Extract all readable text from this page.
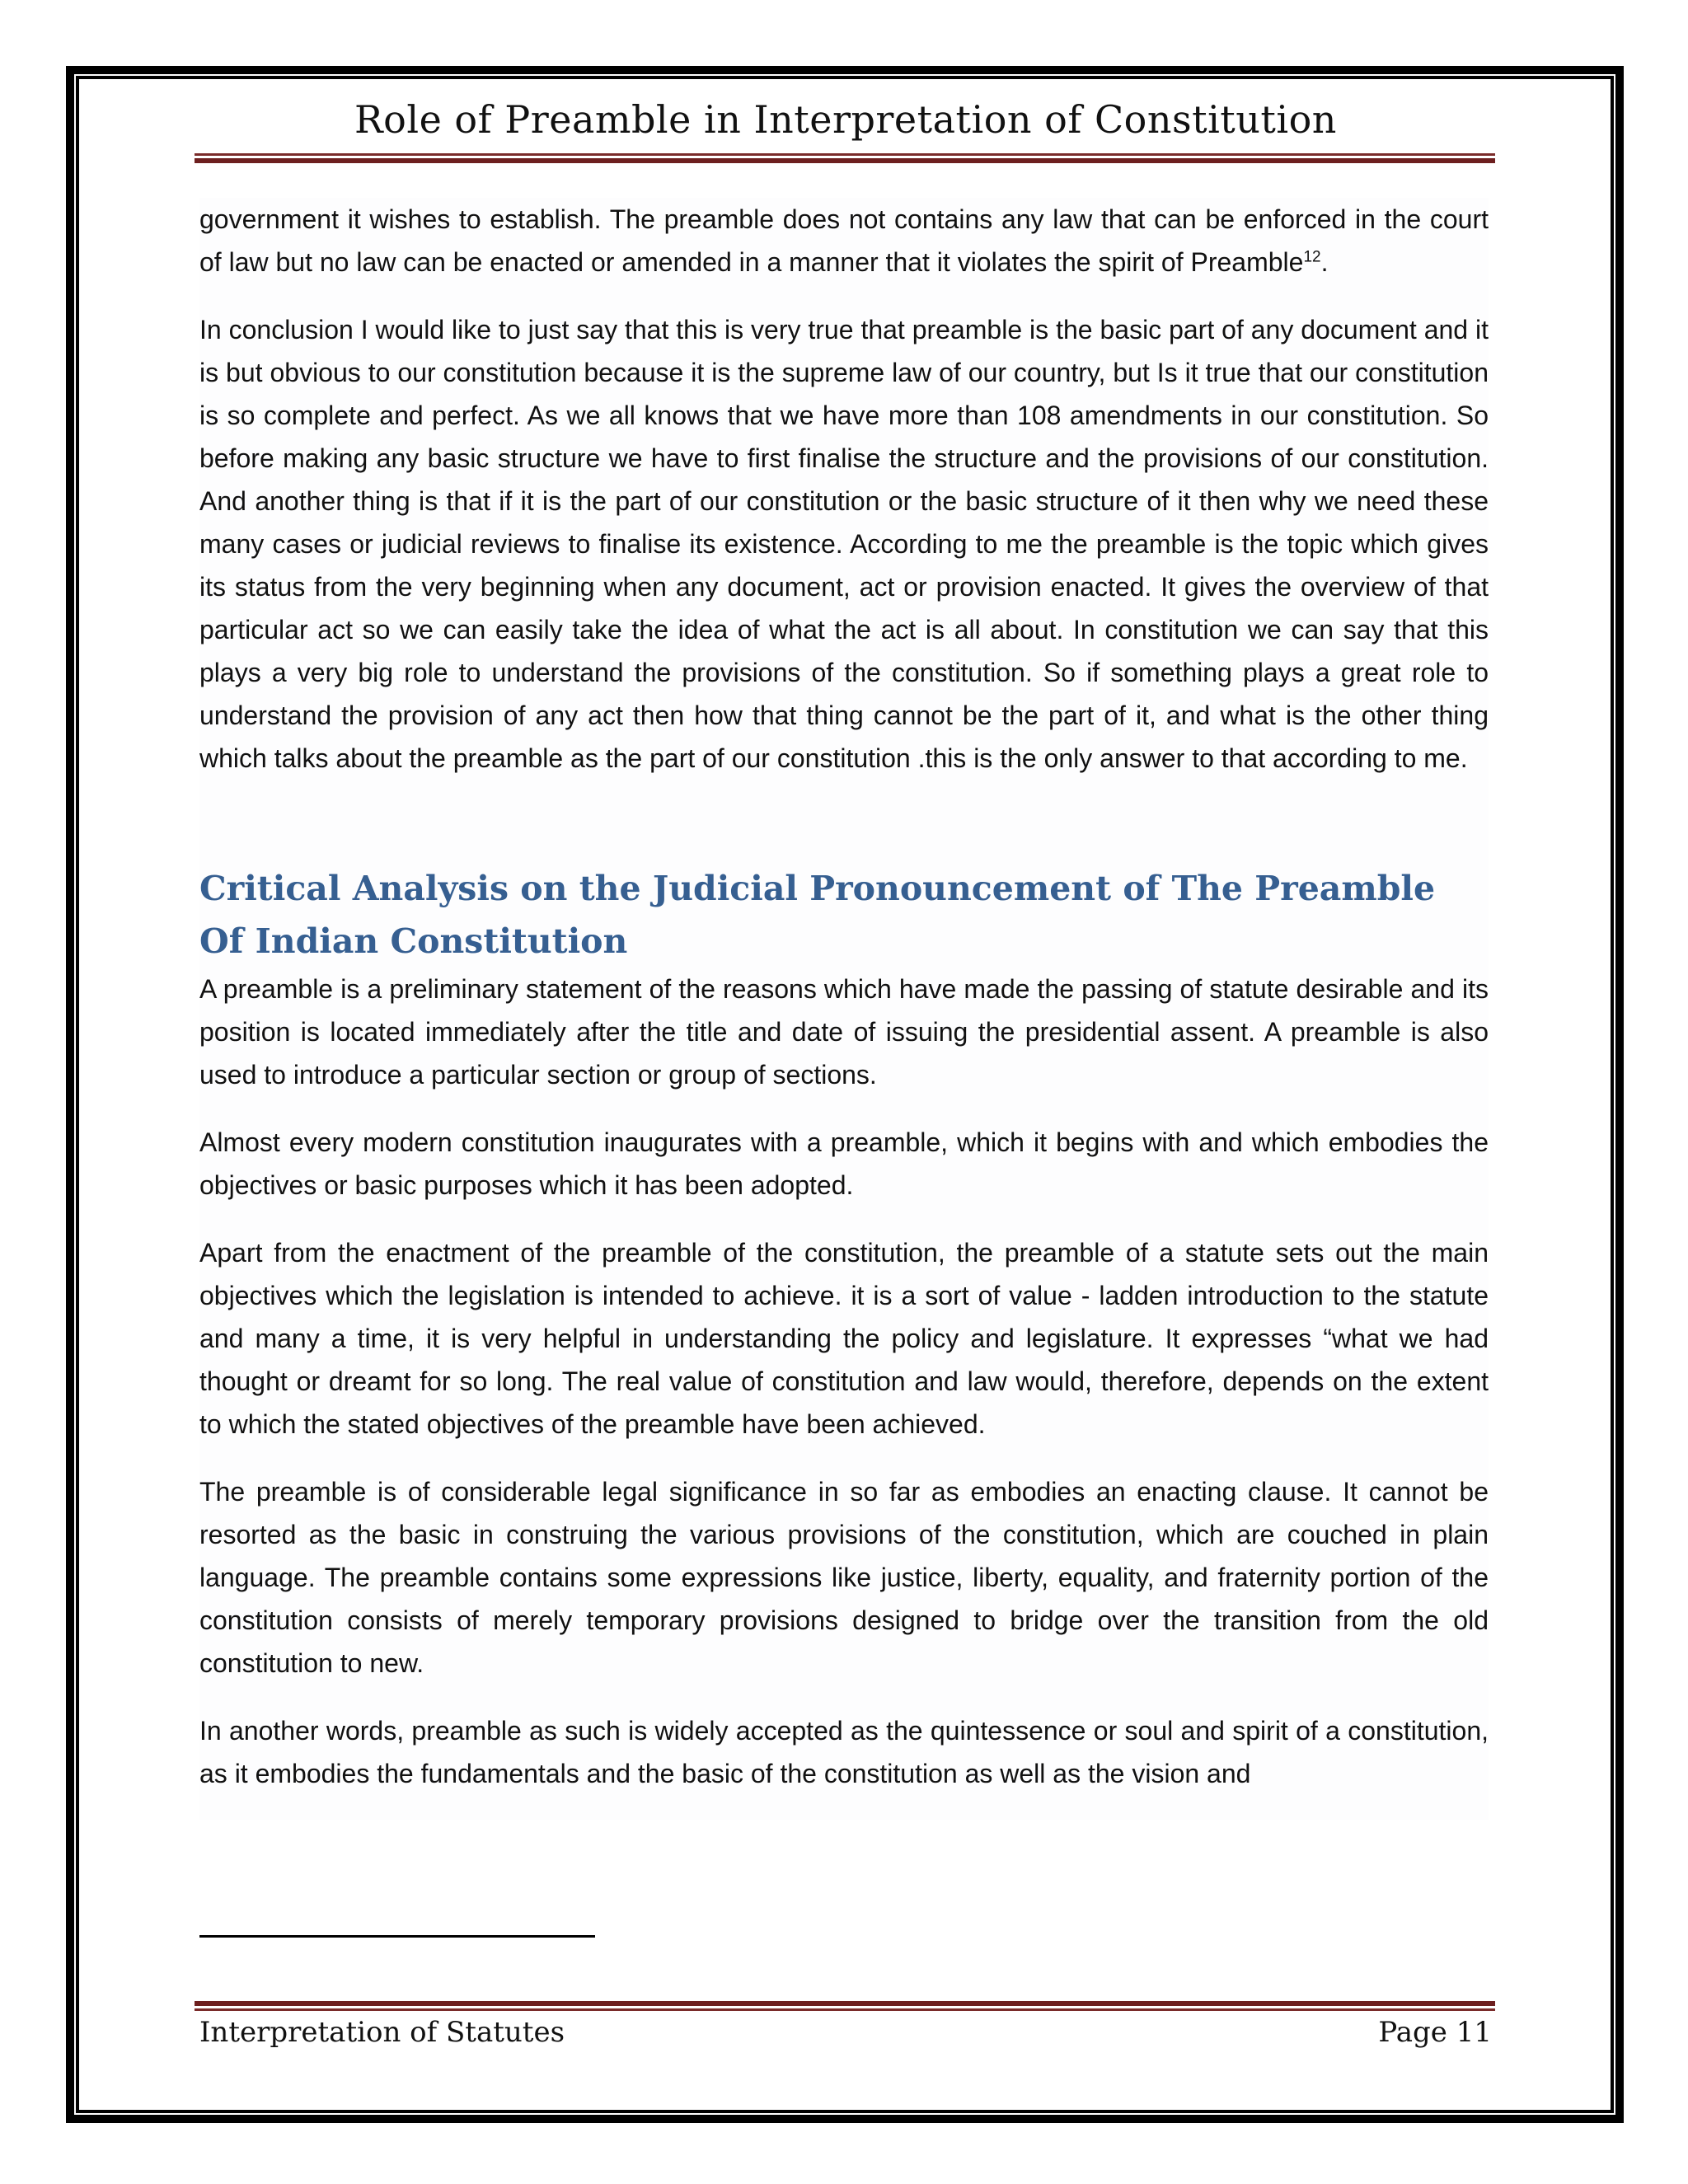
Role of Preamble in Interpretation of Constitution

government it wishes to establish. The preamble does not contains any law that can be enforced in the court of law but no law can be enacted or amended in a manner that it violates the spirit of Preamble$^{12}$.

In conclusion I would like to just say that this is very true that preamble is the basic part of any document and it is but obvious to our constitution because it is the supreme law of our country, but Is it true that our constitution is so complete and perfect. As we all knows that we have more than 108 amendments in our constitution. So before making any basic structure we have to first finalise the structure and the provisions of our constitution. And another thing is that if it is the part of our constitution or the basic structure of it then why we need these many cases or judicial reviews to finalise its existence. According to me the preamble is the topic which gives its status from the very beginning when any document, act or provision enacted. It gives the overview of that particular act so we can easily take the idea of what the act is all about. In constitution we can say that this plays a very big role to understand the provisions of the constitution. So if something plays a great role to understand the provision of any act then how that thing cannot be the part of it, and what is the other thing which talks about the preamble as the part of our constitution .this is the only answer to that according to me.

Critical Analysis on the Judicial Pronouncement of The Preamble Of Indian Constitution

A preamble is a preliminary statement of the reasons which have made the passing of statute desirable and its position is located immediately after the title and date of issuing the presidential assent. A preamble is also used to introduce a particular section or group of sections.

Almost every modern constitution inaugurates with a preamble, which it begins with and which embodies the objectives or basic purposes which it has been adopted.

Apart from the enactment of the preamble of the constitution, the preamble of a statute sets out the main objectives which the legislation is intended to achieve. it is a sort of value - ladden introduction to the statute and many a time, it is very helpful in understanding the policy and legislature. It expresses “what we had thought or dreamt for so long. The real value of constitution and law would, therefore, depends on the extent to which the stated objectives of the preamble have been achieved.

The preamble is of considerable legal significance in so far as embodies an enacting clause. It cannot be resorted as the basic in construing the various provisions of the constitution, which are couched in plain language. The preamble contains some expressions like justice, liberty, equality, and fraternity portion of the constitution consists of merely temporary provisions designed to bridge over the transition from the old constitution to new.

In another words, preamble as such is widely accepted as the quintessence or soul and spirit of a constitution, as it embodies the fundamentals and the basic of the constitution as well as the vision and

Interpretation of Statutes	Page 11
